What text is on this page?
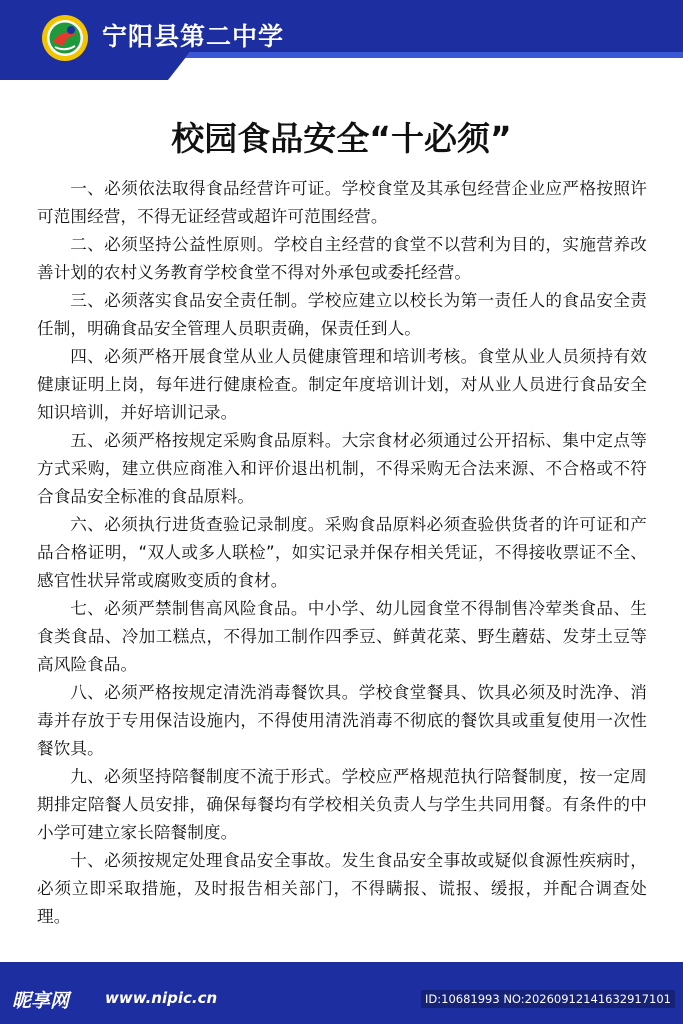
宁阳县第二中学
校园食品安全“十必须”

一、必须依法取得食品经营许可证。学校食堂及其承包经营企业应严格按照许可范围经营，不得无证经营或超许可范围经营。

二、必须坚持公益性原则。学校自主经营的食堂不以营利为目的，实施营养改善计划的农村义务教育学校食堂不得对外承包或委托经营。

三、必须落实食品安全责任制。学校应建立以校长为第一责任人的食品安全责任制，明确食品安全管理人员职责确，保责任到人。

四、必须严格开展食堂从业人员健康管理和培训考核。食堂从业人员须持有效健康证明上岗，每年进行健康检查。制定年度培训计划，对从业人员进行食品安全知识培训，并好培训记录。

五、必须严格按规定采购食品原料。大宗食材必须通过公开招标、集中定点等方式采购，建立供应商准入和评价退出机制，不得采购无合法来源、不合格或不符合食品安全标准的食品原料。

六、必须执行进货查验记录制度。采购食品原料必须查验供货者的许可证和产品合格证明，“双人或多人联检”，如实记录并保存相关凭证，不得接收票证不全、感官性状异常或腐败变质的食材。

七、必须严禁制售高风险食品。中小学、幼儿园食堂不得制售冷荤类食品、生食类食品、冷加工糕点，不得加工制作四季豆、鲜黄花菜、野生蘑菇、发芽土豆等高风险食品。

八、必须严格按规定清洗消毒餐饮具。学校食堂餐具、饮具必须及时洗净、消毒并存放于专用保洁设施内，不得使用清洗消毒不彻底的餐饮具或重复使用一次性餐饮具。

九、必须坚持陪餐制度不流于形式。学校应严格规范执行陪餐制度，按一定周期排定陪餐人员安排，确保每餐均有学校相关负责人与学生共同用餐。有条件的中小学可建立家长陪餐制度。

十、必须按规定处理食品安全事故。发生食品安全事故或疑似食源性疾病时，必须立即采取措施，及时报告相关部门，不得瞒报、谎报、缓报，并配合调查处理。

昵享网 www.nipic.cn	ID:10681993 NO:20260912141632917101
